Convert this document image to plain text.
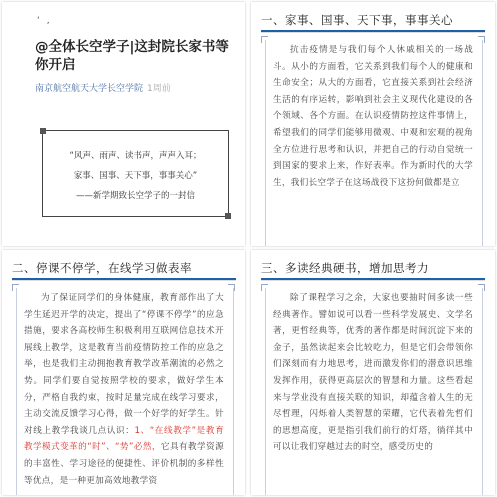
‘ ,
@全体长空学子|这封院长家书等你开启
南京航空航天大学长空学院 1周前
“风声、雨声、读书声，声声入耳；
家事、国事、天下事，事事关心”
——新学期致长空学子的一封信
一、家事、国事、天下事，事事关心
抗击疫情是与我们每个人休戚相关的一场战斗。从小的方面看，它关系到我们每个人的健康和生命安全；从大的方面看，它直接关系到社会经济生活的有序运转，影响到社会主义现代化建设的各个领域、各个方面。在认识疫情防控这件事情上，希望我们的同学们能够用微观、中观和宏观的视角全方位进行思考和认识，并把自己的行动自觉统一到国家的要求上来，作好表率。作为新时代的大学生，我们长空学子在这场战役下这扮何做都是立
二、停课不停学，在线学习做表率
为了保证同学们的身体健康，教育部作出了大学生延迟开学的决定，提出了“停课不停学”的应急措施，要求各高校师生积极利用互联网信息技术开展线上教学，这是教育当前疫情防控工作的应急之举，也是我们主动拥抱教育教学改革潮流的必然之势。同学们要自觉按照学校的要求，做好学生本分，严格自我约束，按时足量完成在线学习要求，主动交流反馈学习心得，做一个好学的好学生。针对线上教学我谈几点认识：1、“在线教学”是教育教学模式变革的“时”、“势”必然，它具有教学资源的丰富性、学习途径的便捷性、评价机制的多样性等优点，是一种更加高效地教学资
三、多读经典硬书，增加思考力
除了课程学习之余，大家也要抽时间多读一些经典著作。譬如说可以看一些科学发展史、文学名著，更哲经典等，优秀的著作都是时间沉淀下来的金子，虽然读起来会比较吃力，但是它们会带领你们深刻而有力地思考，进而激发你们的潜意识思维发挥作用，获得更高层次的智慧和力量。这些看起来与学业没有直接关联的知识，却蕴含着人生的无尽哲理，闪烁着人类智慧的荣耀，它代表着先哲们的思想高度，更是指引我们前行的灯塔，徜徉其中可以让我们穿越过去的时空，感受历史的
